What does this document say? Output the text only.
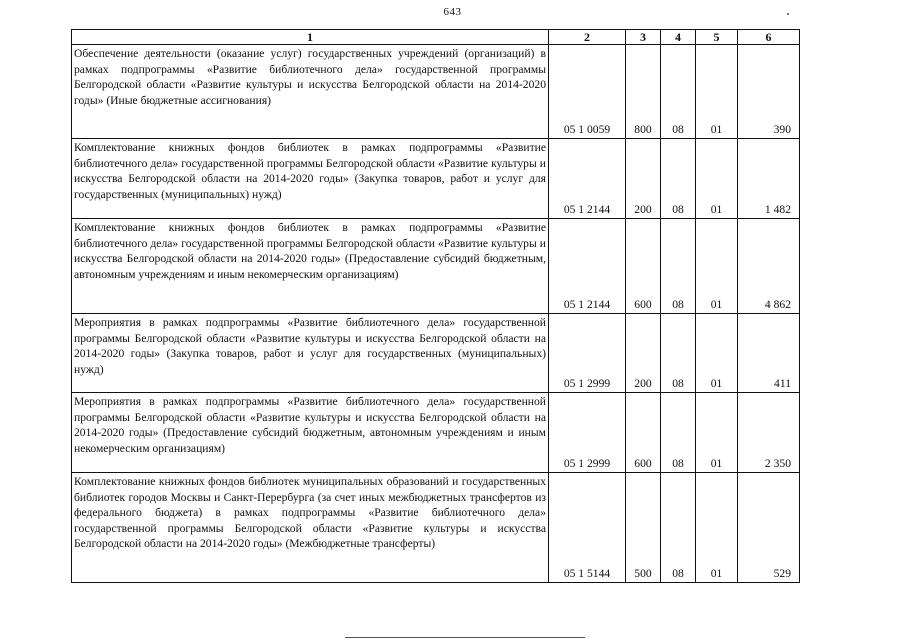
643
1	2	3	4	5	6
Обеспечение деятельности (оказание услуг) государственных учреждений (организаций) в рамках подпрограммы «Развитие библиотечного дела» государственной программы Белгородской области «Развитие культуры и искусства Белгородской области на 2014-2020 годы» (Иные бюджетные ассигнования)	05 1 0059	800	08	01	390
Комплектование книжных фондов библиотек в рамках подпрограммы «Развитие библиотечного дела» государственной программы Белгородской области «Развитие культуры и искусства Белгородской области на 2014-2020 годы» (Закупка товаров, работ и услуг для государственных (муниципальных) нужд)	05 1 2144	200	08	01	1 482
Комплектование книжных фондов библиотек в рамках подпрограммы «Развитие библиотечного дела» государственной программы Белгородской области «Развитие культуры и искусства Белгородской области на 2014-2020 годы» (Предоставление субсидий бюджетным, автономным учреждениям и иным некомерческим организациям)	05 1 2144	600	08	01	4 862
Мероприятия в рамках подпрограммы «Развитие библиотечного дела» государственной программы Белгородской области «Развитие культуры и искусства Белгородской области на 2014-2020 годы» (Закупка товаров, работ и услуг для государственных (муниципальных) нужд)	05 1 2999	200	08	01	411
Мероприятия в рамках подпрограммы «Развитие библиотечного дела» государственной программы Белгородской области «Развитие культуры и искусства Белгородской области на 2014-2020 годы» (Предоставление субсидий бюджетным, автономным учреждениям и иным некомерческим организациям)	05 1 2999	600	08	01	2 350
Комплектование книжных фондов библиотек муниципальных образований и государственных библиотек городов Москвы и Санкт-Перербурга (за счет иных межбюджетных трансфертов из федерального бюджета) в рамках подпрограммы «Развитие библиотечного дела» государственной программы Белгородской области «Развитие культуры и искусства Белгородской области на 2014-2020 годы» (Межбюджетные трансферты)	05 1 5144	500	08	01	529
